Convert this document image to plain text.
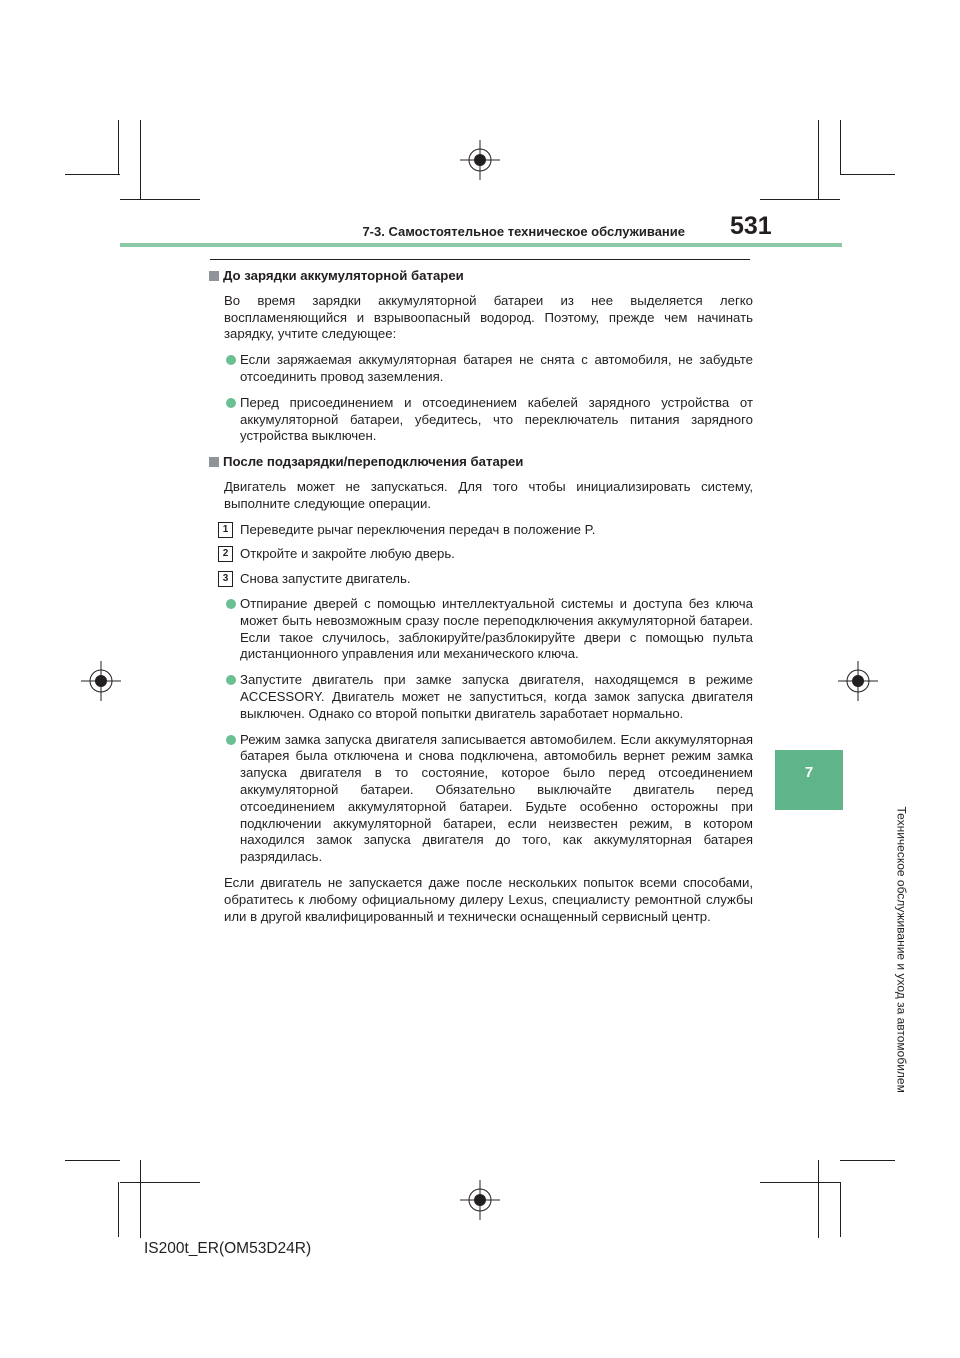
7-3. Самостоятельное техническое обслуживание 531
7
Техническое обслуживание и уход за автомобилем
До зарядки аккумуляторной батареи
Во время зарядки аккумуляторной батареи из нее выделяется легко воспламеняющийся и взрывоопасный водород. Поэтому, прежде чем начинать зарядку, учтите следующее:
Если заряжаемая аккумуляторная батарея не снята с автомобиля, не забудьте отсоединить провод заземления.
Перед присоединением и отсоединением кабелей зарядного устройства от аккумуляторной батареи, убедитесь, что переключатель питания зарядного устройства выключен.
После подзарядки/переподключения батареи
Двигатель может не запускаться. Для того чтобы инициализировать систему, выполните следующие операции.
1 Переведите рычаг переключения передач в положение P.
2 Откройте и закройте любую дверь.
3 Снова запустите двигатель.
Отпирание дверей с помощью интеллектуальной системы и доступа без ключа может быть невозможным сразу после переподключения аккумуляторной батареи. Если такое случилось, заблокируйте/разблокируйте двери с помощью пульта дистанционного управления или механического ключа.
Запустите двигатель при замке запуска двигателя, находящемся в режиме ACCESSORY. Двигатель может не запуститься, когда замок запуска двигателя выключен. Однако со второй попытки двигатель заработает нормально.
Режим замка запуска двигателя записывается автомобилем. Если аккумуляторная батарея была отключена и снова подключена, автомобиль вернет режим замка запуска двигателя в то состояние, которое было перед отсоединением аккумуляторной батареи. Обязательно выключайте двигатель перед отсоединением аккумуляторной батареи. Будьте особенно осторожны при подключении аккумуляторной батареи, если неизвестен режим, в котором находился замок запуска двигателя до того, как аккумуляторная батарея разрядилась.
Если двигатель не запускается даже после нескольких попыток всеми способами, обратитесь к любому официальному дилеру Lexus, специалисту ремонтной службы или в другой квалифицированный и технически оснащенный сервисный центр.
IS200t_ER(OM53D24R)
